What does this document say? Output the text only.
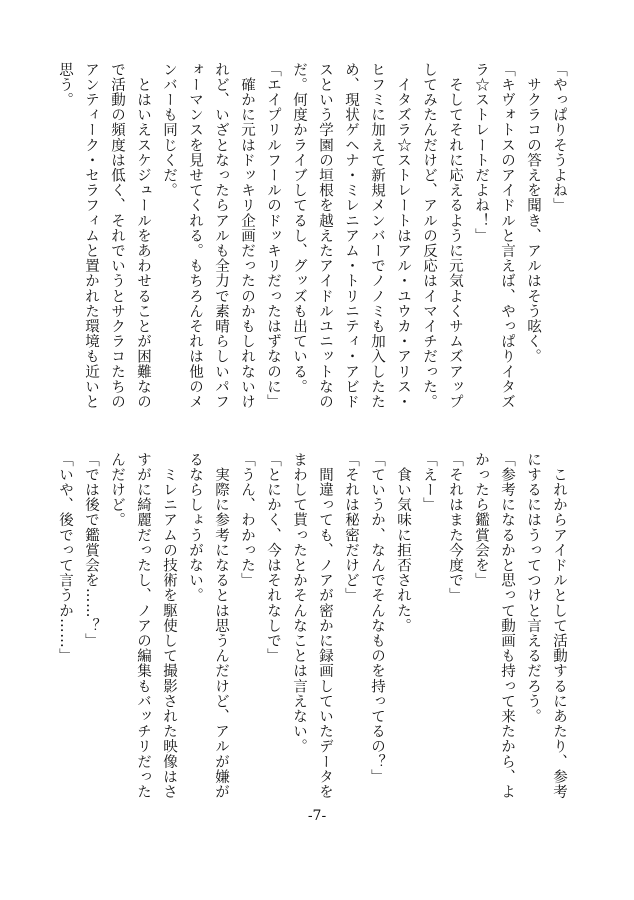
「やっぱりそうよね」
　サクラコの答えを聞き、アルはそう呟く。
「キヴォトスのアイドルと言えば、やっぱりイタズ
ラ☆ストレートだよね！」
　そしてそれに応えるように元気よくサムズアップ
してみたんだけど、アルの反応はイマイチだった。
　イタズラ☆ストレートはアル・ユウカ・アリス・
ヒフミに加えて新規メンバーでノノミも加入したた
め、現状ゲヘナ・ミレニアム・トリニティ・アビド
スという学園の垣根を越えたアイドルユニットなの
だ。何度かライブしてるし、グッズも出ている。
「エイプリルフールのドッキリだったはずなのに」
　確かに元はドッキリ企画だったのかもしれないけ
れど、いざとなったらアルも全力で素晴らしいパフ
ォーマンスを見せてくれる。もちろんそれは他のメ
ンバーも同じくだ。
　とはいえスケジュールをあわせることが困難なの
で活動の頻度は低く、それでいうとサクラコたちの
アンティーク・セラフィムと置かれた環境も近いと
思う。
　これからアイドルとして活動するにあたり、参考
にするにはうってつけと言えるだろう。
「参考になるかと思って動画も持って来たから、よ
かったら鑑賞会を」
「それはまた今度で」
「えー」
　食い気味に拒否された。
「ていうか、なんでそんなものを持ってるの？」
「それは秘密だけど」
　間違っても、ノアが密かに録画していたデータを
まわして貰ったとかそんなことは言えない。
「とにかく、今はそれなしで」
「うん、わかった」
　実際に参考になるとは思うんだけど、アルが嫌が
るならしょうがない。
　ミレニアムの技術を駆使して撮影された映像はさ
すがに綺麗だったし、ノアの編集もバッチリだった
んだけど。
「では後で鑑賞会を……？」
「いや、後でって言うか……」
-7-
